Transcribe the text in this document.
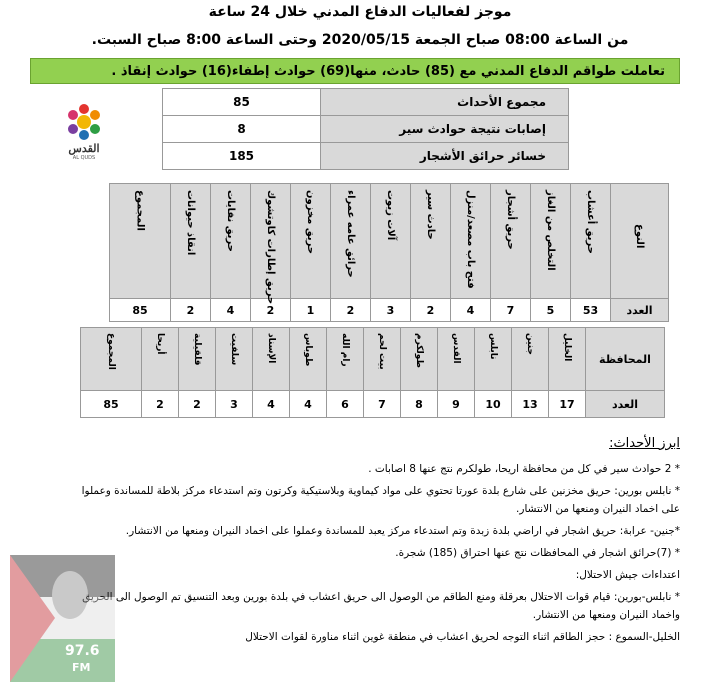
موجز لفعاليات الدفاع المدني خلال 24 ساعة
من الساعة 08:00 صباح الجمعة 2020/05/15 وحتى الساعة 8:00 صباح السبت.
تعاملت طواقم الدفاع المدني مع (85) حادث، منها(69) حوادث إطفاء(16) حوادث إنقاذ .
القدس
AL QUDS
مجموع الأحداث	85
إصابات نتيجة حوادث سير	8
خسائر حرائق الأشجار	185
النوع	حريق أعشاب	التخلص من الغاز	حريق أشجار	فتح باب مصعد/منزل	حادث سير	آلات زيوت	حرائق عامه عمراء	حريق مخزون	حريق إطارات كاوتشوك	حريق نفايات	انقاذ حيوانات	المجموع

العدد	53	5	7	4	2	3	2	1	2	4	2	85
المحافظة	الخليل	جنين	نابلس	القدس	طولكرم	بيت لحم	رام الله	طوباس	الإسناد	سلفيت	قلقيلية	أريحا	المجموع

العدد	17	13	10	9	8	7	6	4	4	3	2	2	85
ابرز الأحداث:

* 2 حوادث سير في كل من محافظة اريحا، طولكرم نتج عنها 8 اصابات .

* نابلس بورين: حريق مخزنين على شارع بلدة عورتا تحتوي على مواد كيماوية وبلاستيكية وكرتون وتم استدعاء مركز بلاطة للمساندة وعملوا على اخماد النيران ومنعها من الانتشار.

*جنين- عرابة: حريق اشجار في اراضي بلدة زبدة وتم استدعاء مركز يعبد للمساندة وعملوا على اخماد النيران ومنعها من الانتشار.

* (7)حرائق اشجار في المحافظات نتج عنها احتراق (185) شجرة.

اعتداءات جيش الاحتلال:

* نابلس-بورين: قيام قوات الاحتلال بعرقلة ومنع الطاقم من الوصول الى حريق اعشاب في بلدة بورين وبعد التنسيق تم الوصول الى الحريق واخماد النيران ومنعها من الانتشار.

الخليل-السموع : حجز الطاقم اثناء التوجه لحريق اعشاب في منطقة غوين اثناء مناورة لقوات الاحتلال

97.6
FM
